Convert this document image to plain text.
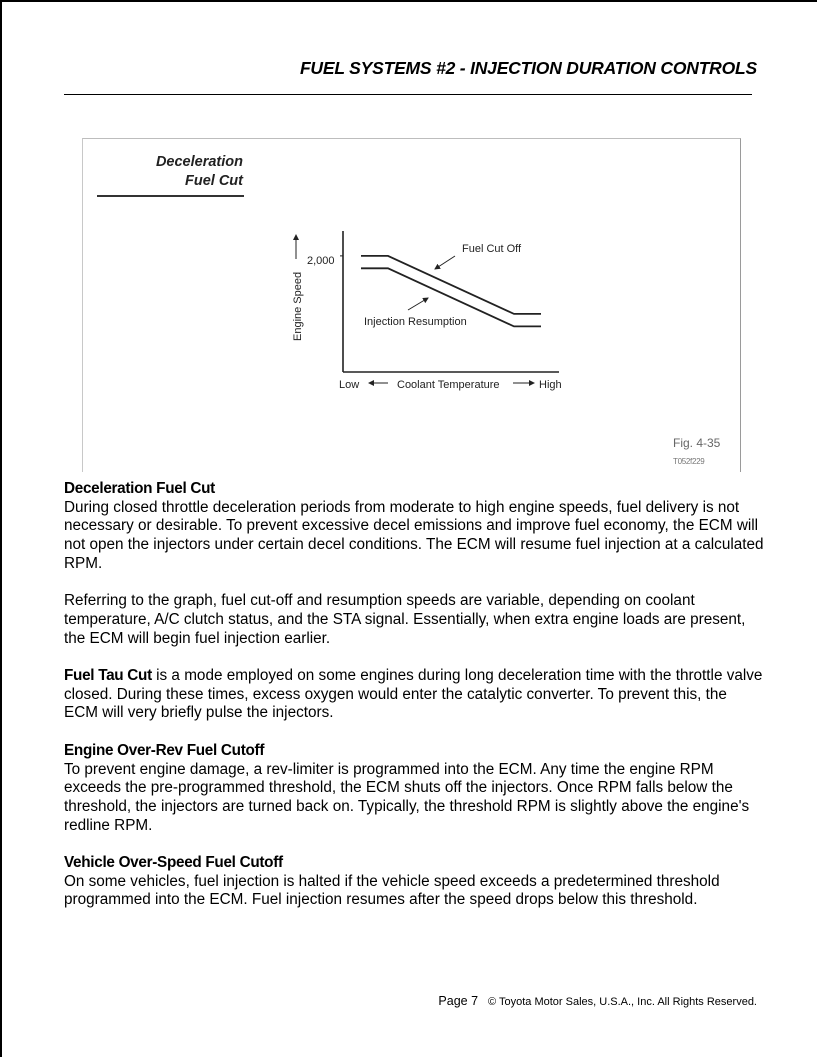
FUEL SYSTEMS #2 - INJECTION DURATION CONTROLS
Deceleration
Fuel Cut
Engine Speed
2,000
Low	Coolant Temperature	High
Fuel Cut Off
Injection Resumption
Fig. 4-35
T052f229

Deceleration Fuel Cut
During closed throttle deceleration periods from moderate to high engine speeds, fuel delivery is not necessary or desirable. To prevent excessive decel emissions and improve fuel economy, the ECM will not open the injectors under certain decel conditions. The ECM will resume fuel injection at a calculated RPM.

Referring to the graph, fuel cut-off and resumption speeds are variable, depending on coolant temperature, A/C clutch status, and the STA signal. Essentially, when extra engine loads are present, the ECM will begin fuel injection earlier.

Fuel Tau Cut is a mode employed on some engines during long deceleration time with the throttle valve closed. During these times, excess oxygen would enter the catalytic converter. To prevent this, the ECM will very briefly pulse the injectors.

Engine Over-Rev Fuel Cutoff
To prevent engine damage, a rev-limiter is programmed into the ECM. Any time the engine RPM exceeds the pre-programmed threshold, the ECM shuts off the injectors. Once RPM falls below the threshold, the injectors are turned back on. Typically, the threshold RPM is slightly above the engine's redline RPM.

Vehicle Over-Speed Fuel Cutoff
On some vehicles, fuel injection is halted if the vehicle speed exceeds a predetermined threshold programmed into the ECM. Fuel injection resumes after the speed drops below this threshold.

Page 7 © Toyota Motor Sales, U.S.A., Inc. All Rights Reserved.
